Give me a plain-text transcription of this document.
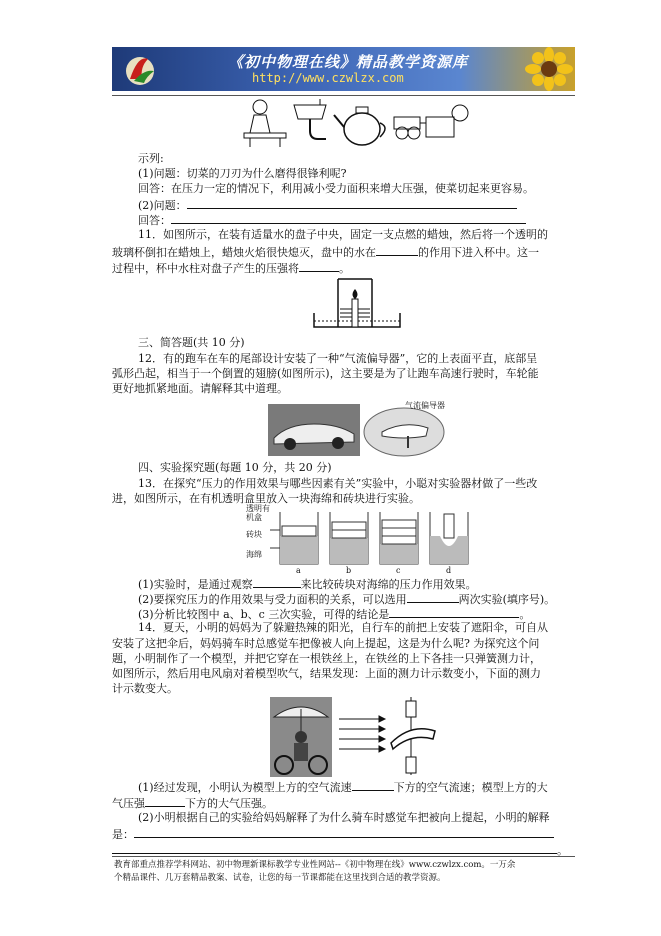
《初中物理在线》精品教学资源库
http://www.czwlzx.com
示列:
(1)问题：切菜的刀刃为什么磨得很锋利呢?
回答：在压力一定的情况下，利用减小受力面积来增大压强，使菜切起来更容易。
(2)问题：
回答：
11．如图所示，在装有适量水的盘子中央，固定一支点燃的蜡烛，然后将一个透明的
玻璃杯倒扣在蜡烛上，蜡烛火焰很快熄灭，盘中的水在	的作用下进入杯中。这一
过程中，杯中水柱对盘子产生的压强将	。
三、简答题(共 10 分)
12．有的跑车在车的尾部设计安装了一种“气流偏导器”，它的上表面平直，底部呈
弧形凸起，相当于一个倒置的翅膀(如图所示)，这主要是为了让跑车高速行驶时，车轮能
更好地抓紧地面。请解释其中道理。
气流偏导器
四、实验探究题(每题 10 分，共 20 分)
13．在探究“压力的作用效果与哪些因素有关”实验中，小聪对实验器材做了一些改
进，如图所示，在有机透明盒里放入一块海绵和砖块进行实验。
透明有
机盒
砖块
海绵
a	b	c	d
(1)实验时，是通过观察	来比较砖块对海绵的压力作用效果。
(2)要探究压力的作用效果与受力面积的关系，可以选用	两次实验(填序号)。
(3)分析比较图中 a、b、c 三次实验，可得的结论是	。
14．夏天，小明的妈妈为了躲避热辣的阳光，自行车的前把上安装了遮阳伞，可自从
安装了这把伞后，妈妈骑车时总感觉车把像被人向上提起，这是为什么呢? 为探究这个问
题，小明制作了一个模型，并把它穿在一根铁丝上，在铁丝的上下各挂一只弹簧测力计，
如图所示，然后用电风扇对着模型吹气，结果发现：上面的测力计示数变小，下面的测力
计示数变大。
(1)经过发现，小明认为模型上方的空气流速	下方的空气流速；模型上方的大
气压强	下方的大气压强。
(2)小明根据自己的实验给妈妈解释了为什么骑车时感觉车把被向上提起，小明的解释
是：
。
教育部重点推荐学科网站、初中物理新课标教学专业性网站--《初中物理在线》www.czwlzx.com。一万余
个精品课件、几万套精品教案、试卷，让您的每一节课都能在这里找到合适的教学资源。
